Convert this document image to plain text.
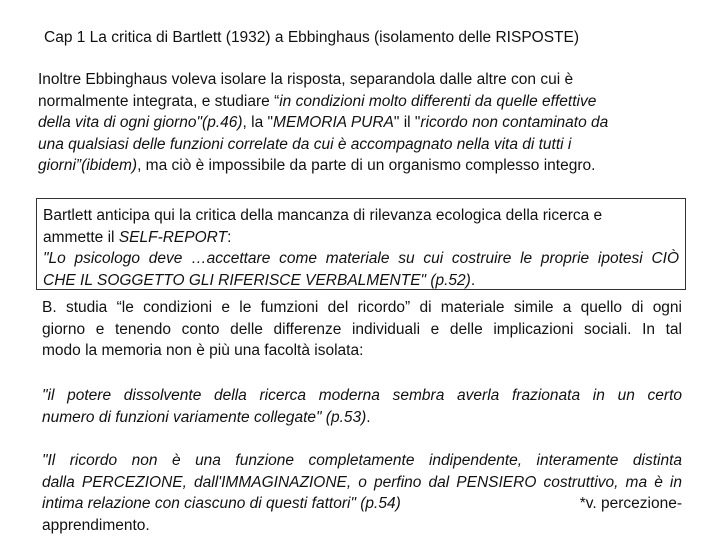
Cap 1 La critica di Bartlett (1932) a Ebbinghaus (isolamento delle RISPOSTE)
Inoltre Ebbinghaus voleva isolare la risposta, separandola dalle altre con cui è
normalmente integrata, e studiare “in condizioni molto differenti da quelle effettive
della vita di ogni giorno"(p.46), la "MEMORIA PURA" il "ricordo non contaminato da
una qualsiasi delle funzioni correlate da cui è accompagnato nella vita di tutti i
giorni”(ibidem), ma ciò è impossibile da parte di un organismo complesso integro.
Bartlett anticipa qui la critica della mancanza di rilevanza ecologica della ricerca e
ammette il SELF-REPORT:
"Lo psicologo deve …accettare come materiale su cui costruire le proprie ipotesi CIÒ
CHE IL SOGGETTO GLI RIFERISCE VERBALMENTE" (p.52).
B. studia “le condizioni e le fumzioni del ricordo” di materiale simile a quello di ogni
giorno e tenendo conto delle differenze individuali e delle implicazioni sociali. In tal
modo la memoria non è più una facoltà isolata:
"il potere dissolvente della ricerca moderna sembra averla frazionata in un certo
numero di funzioni variamente collegate" (p.53).
"Il ricordo non è una funzione completamente indipendente, interamente distinta
dalla PERCEZIONE, dall'IMMAGINAZIONE, o perfino dal PENSIERO costruttivo, ma è in
intima relazione con ciascuno di questi fattori" (p.54)	*v. percezione-
apprendimento.
